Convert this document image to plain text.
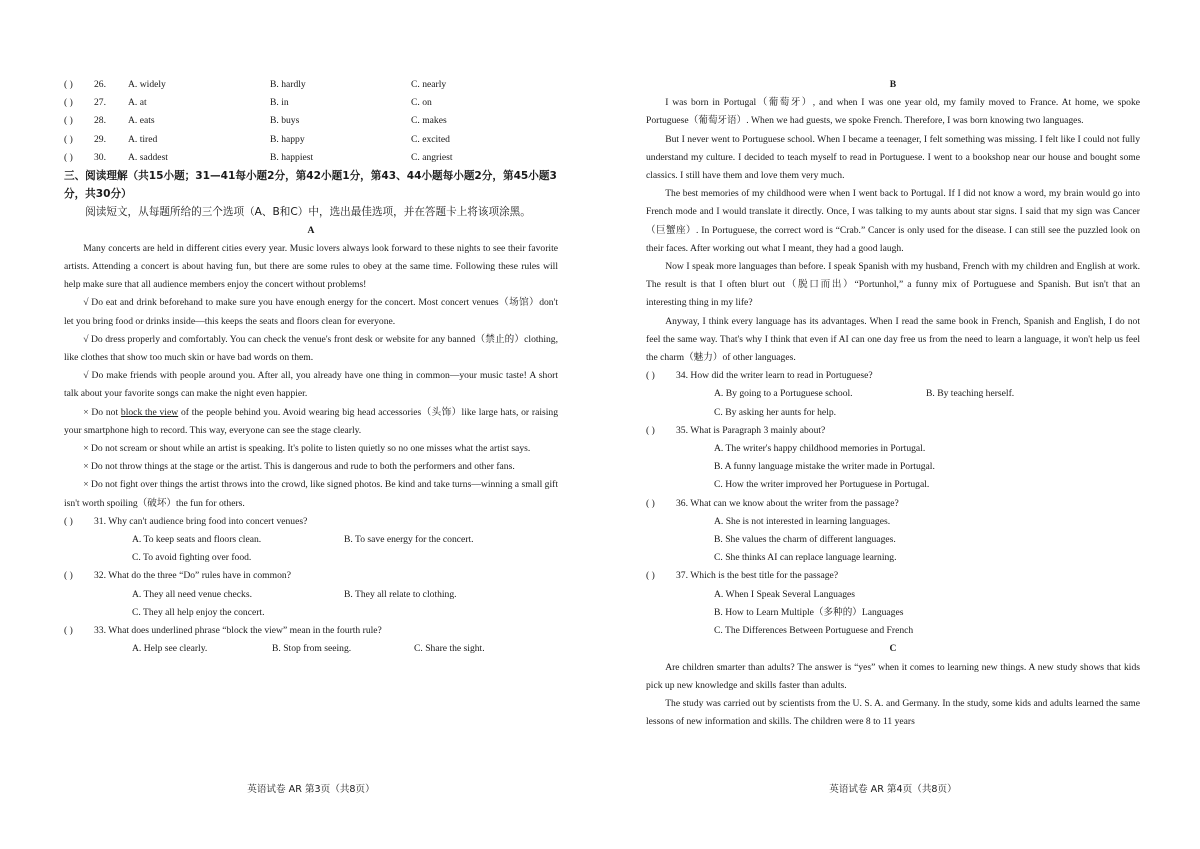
( )	26.	A. widely	B. hardly	C. nearly
( )	27.	A. at	B. in	C. on
( )	28.	A. eats	B. buys	C. makes
( )	29.	A. tired	B. happy	C. excited
( )	30.	A. saddest	B. happiest	C. angriest
三、阅读理解（共15小题；31—41每小题2分，第42小题1分，第43、44小题每小题2分，第45小题3分，共30分）
阅读短文，从每题所给的三个选项（A、B和C）中，选出最佳选项，并在答题卡上将该项涂黑。
A
Many concerts are held in different cities every year. Music lovers always look forward to these nights to see their favorite artists. Attending a concert is about having fun, but there are some rules to obey at the same time. Following these rules will help make sure that all audience members enjoy the concert without problems!
√ Do eat and drink beforehand to make sure you have enough energy for the concert. Most concert venues（场馆）don't let you bring food or drinks inside—this keeps the seats and floors clean for everyone.
√ Do dress properly and comfortably. You can check the venue's front desk or website for any banned（禁止的）clothing, like clothes that show too much skin or have bad words on them.
√ Do make friends with people around you. After all, you already have one thing in common—your music taste! A short talk about your favorite songs can make the night even happier.
× Do not block the view of the people behind you. Avoid wearing big head accessories（头饰）like large hats, or raising your smartphone high to record. This way, everyone can see the stage clearly.
× Do not scream or shout while an artist is speaking. It's polite to listen quietly so no one misses what the artist says.
× Do not throw things at the stage or the artist. This is dangerous and rude to both the performers and other fans.
× Do not fight over things the artist throws into the crowd, like signed photos. Be kind and take turns—winning a small gift isn't worth spoiling（破坏）the fun for others.
( )	31. Why can't audience bring food into concert venues?
A. To keep seats and floors clean.	B. To save energy for the concert.
C. To avoid fighting over food.
( )	32. What do the three “Do” rules have in common?
A. They all need venue checks.	B. They all relate to clothing.
C. They all help enjoy the concert.
( )	33. What does underlined phrase “block the view” mean in the fourth rule?
A. Help see clearly.	B. Stop from seeing.	C. Share the sight.
英语试卷 AR 第3页（共8页）
B
I was born in Portugal（葡萄牙）, and when I was one year old, my family moved to France. At home, we spoke Portuguese（葡萄牙语）. When we had guests, we spoke French. Therefore, I was born knowing two languages.
But I never went to Portuguese school. When I became a teenager, I felt something was missing. I felt like I could not fully understand my culture. I decided to teach myself to read in Portuguese. I went to a bookshop near our house and bought some classics. I still have them and love them very much.
The best memories of my childhood were when I went back to Portugal. If I did not know a word, my brain would go into French mode and I would translate it directly. Once, I was talking to my aunts about star signs. I said that my sign was Cancer（巨蟹座）. In Portuguese, the correct word is “Crab.” Cancer is only used for the disease. I can still see the puzzled look on their faces. After working out what I meant, they had a good laugh.
Now I speak more languages than before. I speak Spanish with my husband, French with my children and English at work. The result is that I often blurt out（脱口而出）“Portunhol,” a funny mix of Portuguese and Spanish. But isn't that an interesting thing in my life?
Anyway, I think every language has its advantages. When I read the same book in French, Spanish and English, I do not feel the same way. That's why I think that even if AI can one day free us from the need to learn a language, it won't help us feel the charm（魅力）of other languages.
( )	34. How did the writer learn to read in Portuguese?
A. By going to a Portuguese school.	B. By teaching herself.
C. By asking her aunts for help.
( )	35. What is Paragraph 3 mainly about?
A. The writer's happy childhood memories in Portugal.
B. A funny language mistake the writer made in Portugal.
C. How the writer improved her Portuguese in Portugal.
( )	36. What can we know about the writer from the passage?
A. She is not interested in learning languages.
B. She values the charm of different languages.
C. She thinks AI can replace language learning.
( )	37. Which is the best title for the passage?
A. When I Speak Several Languages
B. How to Learn Multiple（多种的）Languages
C. The Differences Between Portuguese and French
C
Are children smarter than adults? The answer is “yes” when it comes to learning new things. A new study shows that kids pick up new knowledge and skills faster than adults.
The study was carried out by scientists from the U. S. A. and Germany. In the study, some kids and adults learned the same lessons of new information and skills. The children were 8 to 11 years
英语试卷 AR 第4页（共8页）
